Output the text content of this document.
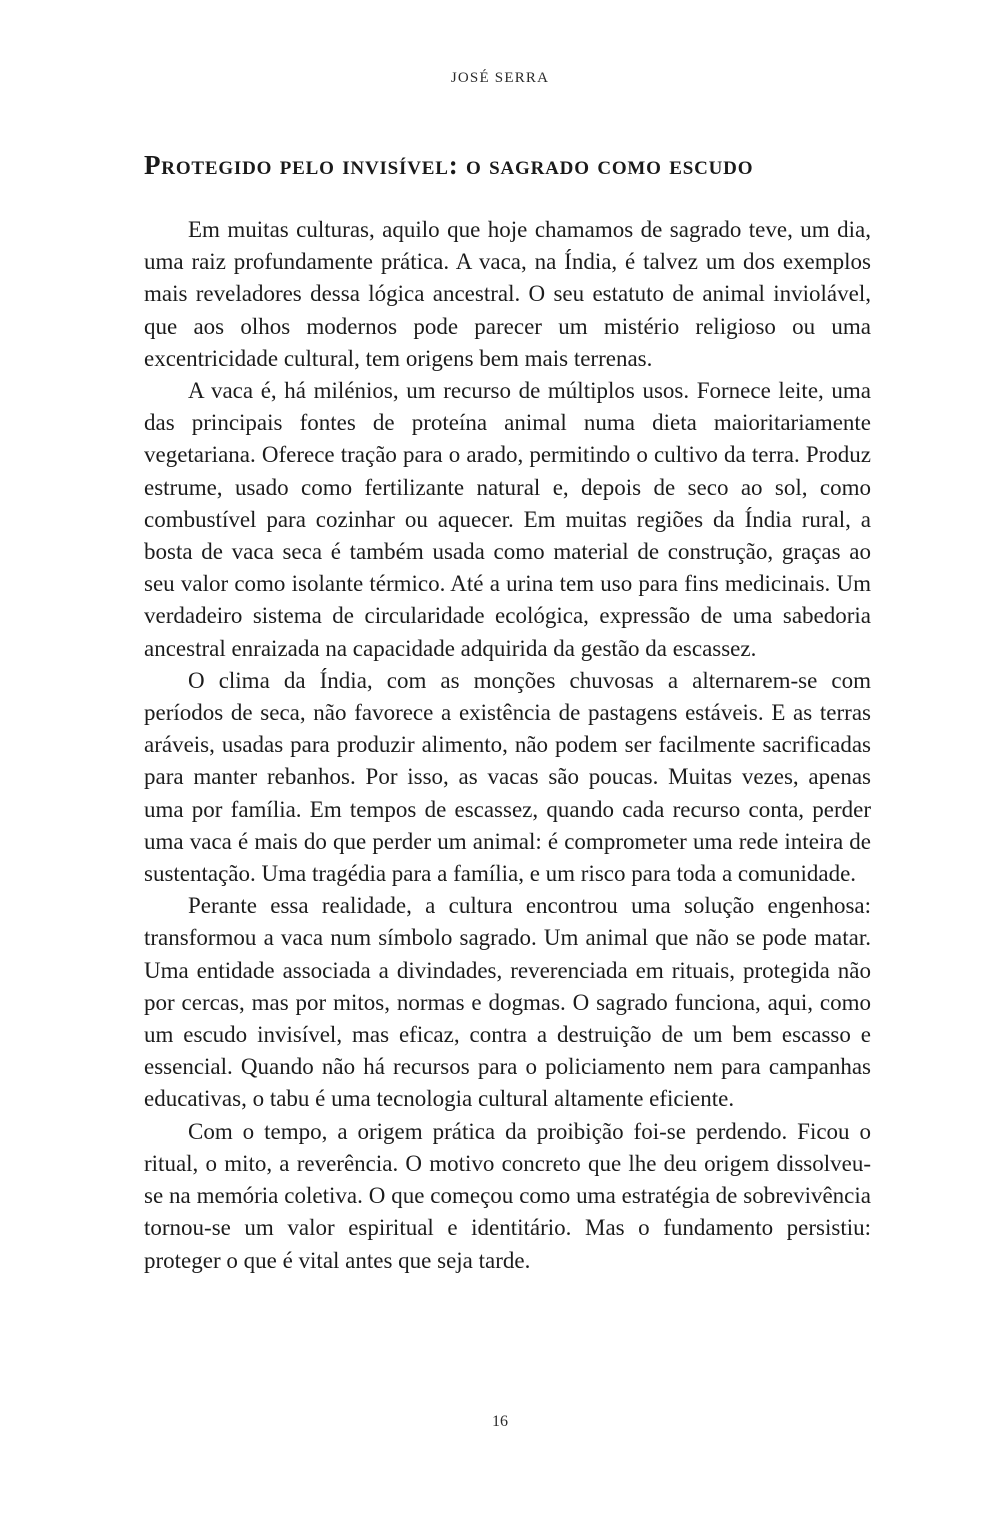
JOSÉ SERRA
Protegido pelo invisível: o sagrado como escudo

Em muitas culturas, aquilo que hoje chamamos de sagrado teve, um dia, uma raiz profundamente prática. A vaca, na Índia, é talvez um dos exemplos mais reveladores dessa lógica ancestral. O seu estatuto de animal inviolável, que aos olhos modernos pode parecer um mistério religioso ou uma excentricidade cultural, tem origens bem mais terrenas.

A vaca é, há milénios, um recurso de múltiplos usos. Fornece leite, uma das principais fontes de proteína animal numa dieta maioritariamente vegetariana. Oferece tração para o arado, permitindo o cultivo da terra. Produz estrume, usado como fertilizante natural e, depois de seco ao sol, como combustível para cozinhar ou aquecer. Em muitas regiões da Índia rural, a bosta de vaca seca é também usada como material de construção, graças ao seu valor como isolante térmico. Até a urina tem uso para fins medicinais. Um verdadeiro sistema de circularidade ecológica, expressão de uma sabedoria ancestral enraizada na capacidade adquirida da gestão da escassez.

O clima da Índia, com as monções chuvosas a alternarem-se com períodos de seca, não favorece a existência de pastagens estáveis. E as terras aráveis, usadas para produzir alimento, não podem ser facilmente sacrificadas para manter rebanhos. Por isso, as vacas são poucas. Muitas vezes, apenas uma por família. Em tempos de escassez, quando cada recurso conta, perder uma vaca é mais do que perder um animal: é comprometer uma rede inteira de sustentação. Uma tragédia para a família, e um risco para toda a comunidade.

Perante essa realidade, a cultura encontrou uma solução engenhosa: transformou a vaca num símbolo sagrado. Um animal que não se pode matar. Uma entidade associada a divindades, reverenciada em rituais, protegida não por cercas, mas por mitos, normas e dogmas. O sagrado funciona, aqui, como um escudo invisível, mas eficaz, contra a destruição de um bem escasso e essencial. Quando não há recursos para o policiamento nem para campanhas educativas, o tabu é uma tecnologia cultural altamente eficiente.

Com o tempo, a origem prática da proibição foi-se perdendo. Ficou o ritual, o mito, a reverência. O motivo concreto que lhe deu origem dissolveu-se na memória coletiva. O que começou como uma estratégia de sobrevivência tornou-se um valor espiritual e identitário. Mas o fundamento persistiu: proteger o que é vital antes que seja tarde.

16
